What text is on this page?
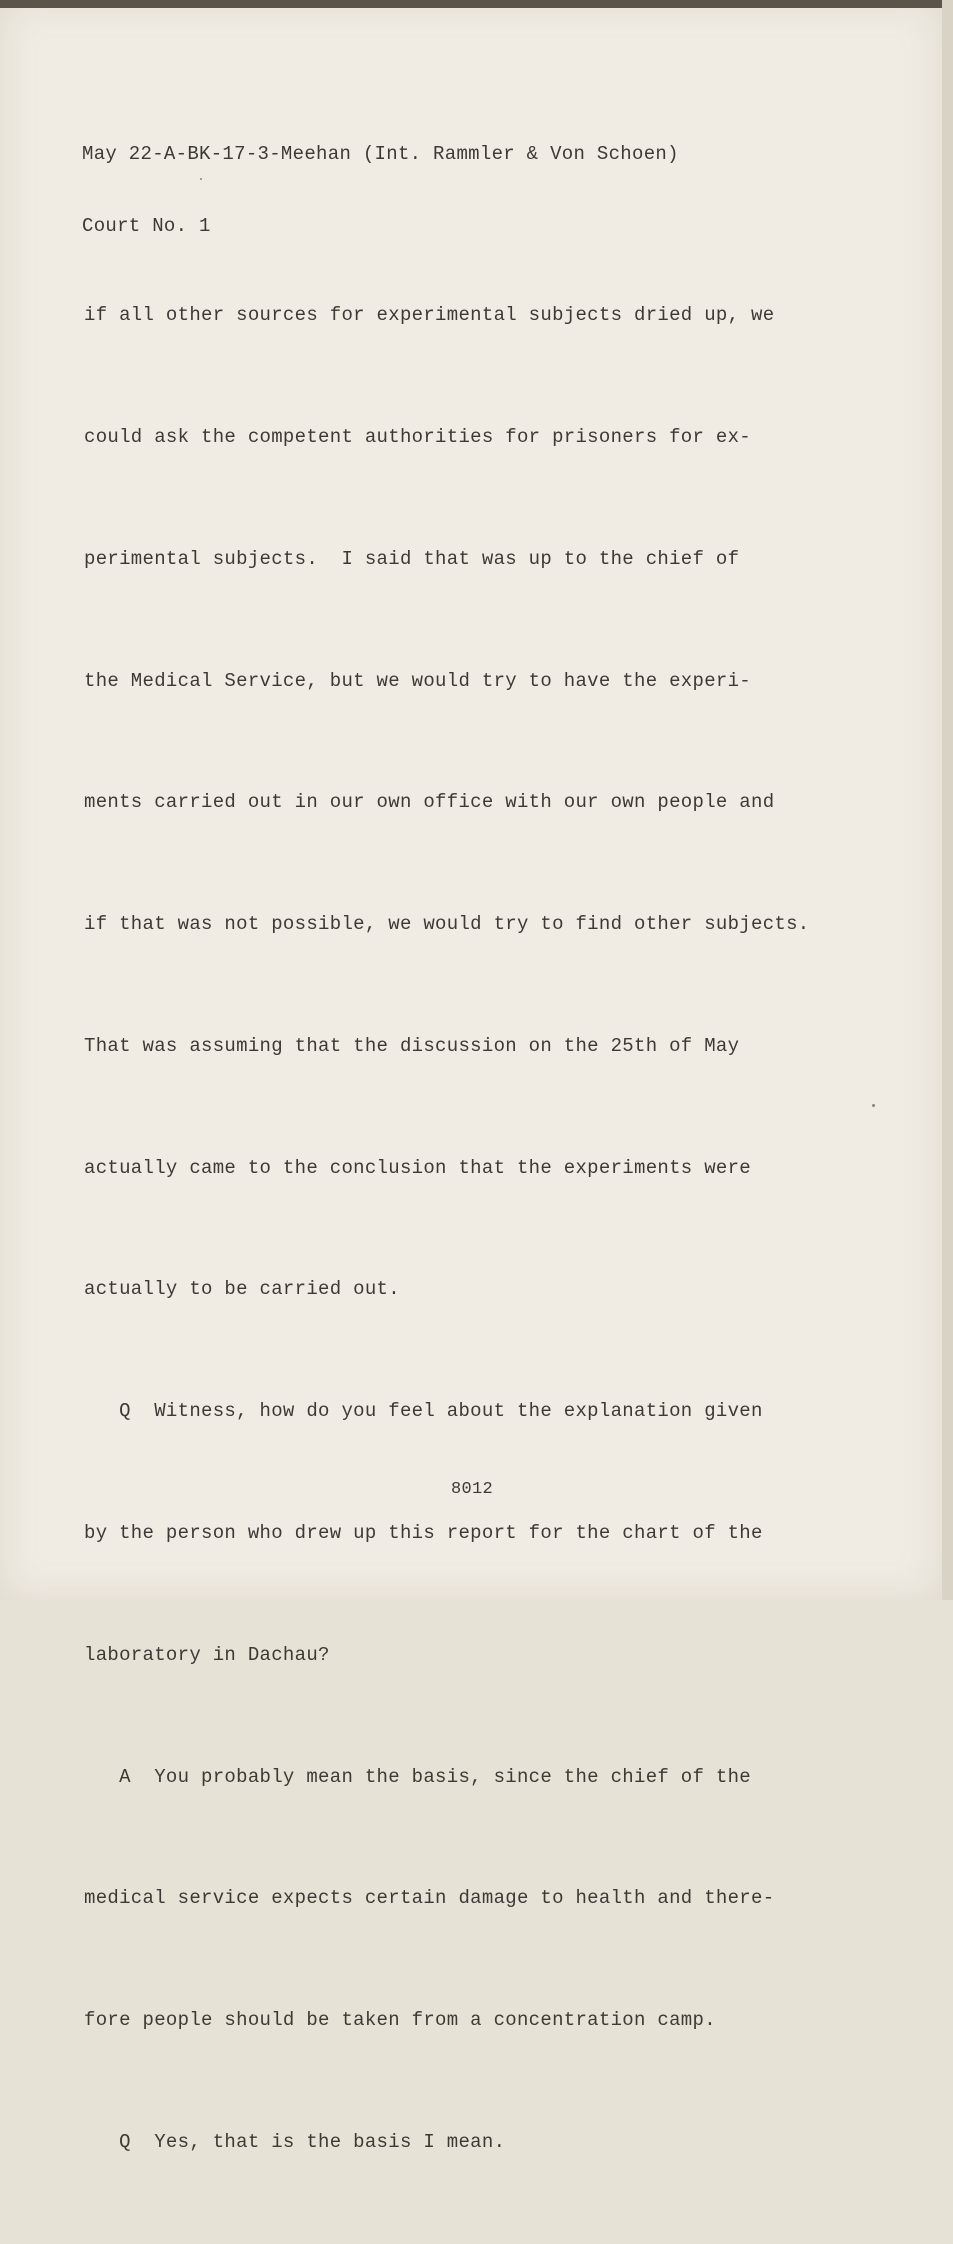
May 22-A-BK-17-3-Meehan (Int. Rammler & Von Schoen)

Court No. 1

if all other sources for experimental subjects dried up, we

could ask the competent authorities for prisoners for ex-

perimental subjects.  I said that was up to the chief of

the Medical Service, but we would try to have the experi-

ments carried out in our own office with our own people and

if that was not possible, we would try to find other subjects.

That was assuming that the discussion on the 25th of May

actually came to the conclusion that the experiments were

actually to be carried out.

Q  Witness, how do you feel about the explanation given

by the person who drew up this report for the chart of the

laboratory in Dachau?

A  You probably mean the basis, since the chief of the

medical service expects certain damage to health and there-

fore people should be taken from a concentration camp.

Q  Yes, that is the basis I mean.

8012
